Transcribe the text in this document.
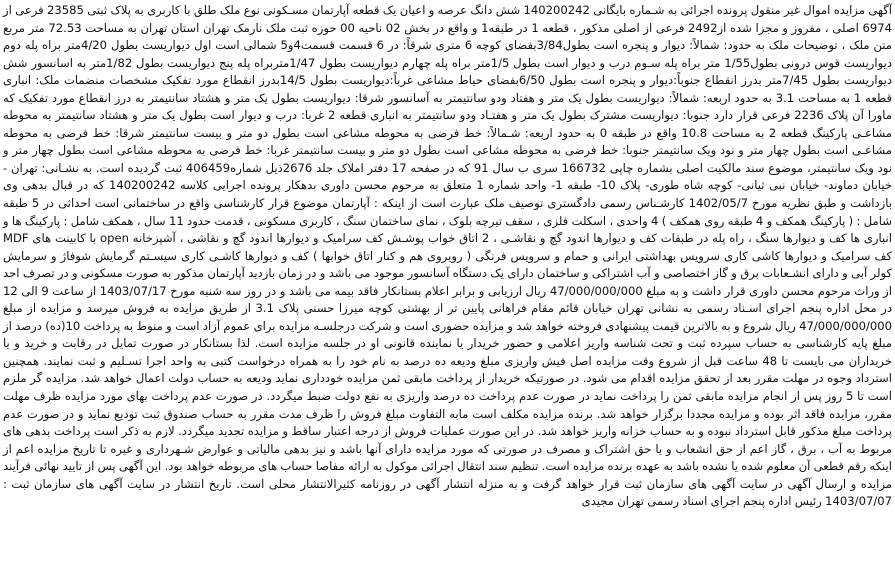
آگهی مزایده اموال غیر منقول پرونده اجرائی به شـماره بایگانی 140200242 شش دانگ عرصه و اعیان یک قطعه آپارتمان مسـکونی نوع ملک طلق با کاربری به پلاک ثبتی 23585 فرعی از 6974 اصلی ، مفروز و مجزا شده از2492 فرعی از اصلی مذکور ، قطعه 1 در طبقه1 و واقع در بخش 02 ناحیه 00 حوزه ثبت ملک نارمک تهران استان تهران به مساحت 72.53 متر مربع متن ملک ، توضیحات ملک به حدود: شمالاً: دیوار و پنجره است بطول3/84بفضای کوچه 6 متری شرقاً: در 6 قسمت قسمت4و5 شمالی است اول دیواریست بطول 4/20متر براه پله دوم دیواریست قوس درونی بطول1/55 متر براه پله سـوم درب و دیوار است بطول 1/5متر براه پله چهارم دیواریست بطول 1/47متربراه پله پنج دیواریست بطول 1/82متر به اسانسور شش دیواریست بطول 7/45متر بدرز انقطاع جنوباً:دیوار و پنجره است بطول 6/50بفضای حیاط مشاعی غرباً:دیواریست بطول 14/5بدرز انقطاع مورد تفکیک مشخصات منضمات ملک: انباری قطعه 1 به مساحت 3.1 به حدود اربعه: شمالاً: دیواریست بطول یک متر و هفتاد ودو سانتیمتر به آسانسور شرقا: دیواریست بطول یک متر و هشتاد سانتیمتر به درز انقطاع مورد تفکیک که ماورا آن پلاک 2236 فرعی قرار دارد جنوبا: دیواریست مشترک بطول یک متر و هفتـاد ودو سانتیمتر به انباری قطعه 2 غربا: درب و دیوار است بطول یک متر و هشتاد سانتیمتر به محوطه مشاعـی پارکینگ قطعه 2 به مساحت 10.8 واقع در طبقه 0 به حدود اربعه: شـمالاً: خط فرضی به محوطه مشاعی است بطول دو متر و بیست سانتیمتر شرقا: خط فرضی به محوطه مشاعـی است بطول چهار متر و نود ویک سانتیمتر جنوبا: خط فرضی به محوطه مشاعی است بطول دو متر و بیست سانتیمتر غربا: خط فرضی به محوطه مشاعی است بطول چهار متر و نود ویک سانتیمتر، موضوع سند مالکیت اصلی بشماره چاپی 166732 سری ب سال 91 که در صفحه 17 دفتر املاک جلد 2676ذیل شماره406459 ثبت گردیده است. به نشـانی: تهران - خیابان دماوند- خیابان نبی ثیانی- کوچه شاه طوری- پلاک 10- طبقه 1- واحد شماره 1 متعلق به مرحوم محسن داوری بدهکار پرونده اجرایی کلاسه 140200242 که در قبال بدهی وی بازداشت و طبق نظریه مورخ 1402/05/7 کارشـناس رسمی دادگستری توصیف ملک عبارت است از اینکه : آپارتمان موضوع قرار کارشناسی واقع در ساختمانی است احداثی در 5 طبقه شامل : ( پارکینگ همکف و 4 طبقه روی همکف ) 4 واحدی ، اسکلت فلزی ، سقف تیرچه بلوک ، نمای ساختمان سنگ ، کاربری مسکونی ، قدمت حدود 11 سال ، همکف شامل : پارکینگ ها و انباری ها کف و دیوارها سنگ ، راه پله در طبقات کف و دیوارها اندود گچ و نقاشـی ، 2 اتاق خواب پوشـش کف سرامیک و دیوارها اندود گچ و نقاشی ، آشپزخانه open با کابینت های MDF کف سرامیک و دیوارها کاشی کاری سرویس بهداشتی ایرانی و حمام و سرویس فرنگی ( رویروی هم و کنار اتاق خوابها ) کف و دیوارها کاشـی کاری سیسـتم گرمایش شوفاژ و سرمایش کولر آبی و دارای انشـعابات برق و گاز اختصاصی و آب اشتراکی و ساختمان دارای یک دستگاه آسانسور موجود می باشد و در زمان بازدید آپارتمان مذکور به صورت مسکونی و در تصرف احد از وراث مرحوم محسن داوری قرار داشت و به مبلغ 47/000/000/000 ریال ارزیابی و برابر اعلام بستانکار فاقد بیمه می باشد و در روز سه شنبه مورخ 1403/07/17 از ساعت 9 الی 12 در محل اداره پنجم اجرای اسـناد رسمی به نشانی تهران خیابان قائم مقام فراهانی پایین تر از بهشتی کوچه میرزا حسنی پلاک 3.1 از طریق مزایده به فروش میرسد و مزایده از مبلغ 47/000/000/000 ریال شروع و به بالاترین قیمت پیشنهادی فروخته خواهد شد و مزایده حضوری است و شرکت درجلسـه مزایده برای عموم آزاد است و منوط به پرداخت 10(ده) درصد از مبلغ پایه کارشناسی به حساب سپرده ثبت و تحت شناسه واریز اعلامی و حضور خریدار یا نماینده قانونی او در جلسه مزایده است. لذا بستانکار در صورت تمایل در رقابت و خرید و یا خریداران می بایست تا 48 ساعت قبل از شروع وقت مزایده اصل فیش واریزی مبلغ ودیعه ده درصد به نام خود را به همراه درخواست کتبی به واحد اجرا تسـلیم و ثبت نمایند. همچنین استرداد وجوه در مهلت مقرر بعد از تحقق مزایده اقدام می شود. در صورتیکه خریدار از پرداخت مابقی ثمن مزایده خودداری نماید ودیعه به حساب دولت اعمال خواهد شد. مزایده گر ملزم است تا 5 روز پس از انجام مزایده مابقی ثمن را پرداخت نماید در صورت عدم پرداخت ده درصد واریزی به نفع دولت ضبط میگردد. در صورت عدم پرداخت بهای مورد مزایده ظرف مهلت مقرر، مزایده فاقد اثر بوده و مزایده مجددا برگزار خواهد شد. برنده مزایده مکلف است مابه التفاوت مبلغ فروش را ظرف مدت مقرر به حساب صندوق ثبت تودیع نماید و در صورت عدم پرداخت مبلغ مذکور قابل استرداد نبوده و به حساب خزانه واریز خواهد شد. در این صورت عملیات فروش از درجه اعتبار ساقط و مزایده تجدید میگردد. لازم به ذکر است پرداخت بدهی های مربوط به آب ، برق ، گاز اعم از حق انشعاب و یا حق اشتراک و مصرف در صورتی که مورد مزایده دارای آنها باشد و نیز بدهی مالیاتی و عوارض شـهرداری و غیره تا تاریخ مزایده اعم از اینکه رقم قطعی آن معلوم شده یا نشده باشد به عهده برنده مزایده است. تنظیم سند انتقال اجرائی موکول به ارائه مفاصا حساب های مربوطه خواهد بود. این آگهی پس از تایید نهائی فرآیند مزایده و ارسال آگهی در سایت آگهی های سازمان ثبت قرار خواهد گرفت و به منزله انتشار آگهی در روزنامه کثیرالانتشار محلی است. تاریخ انتشار در سایت آگهی های سازمان ثبت : 1403/07/07 رئیس اداره پنجم اجرای اسناد رسمی تهران مجیدی
